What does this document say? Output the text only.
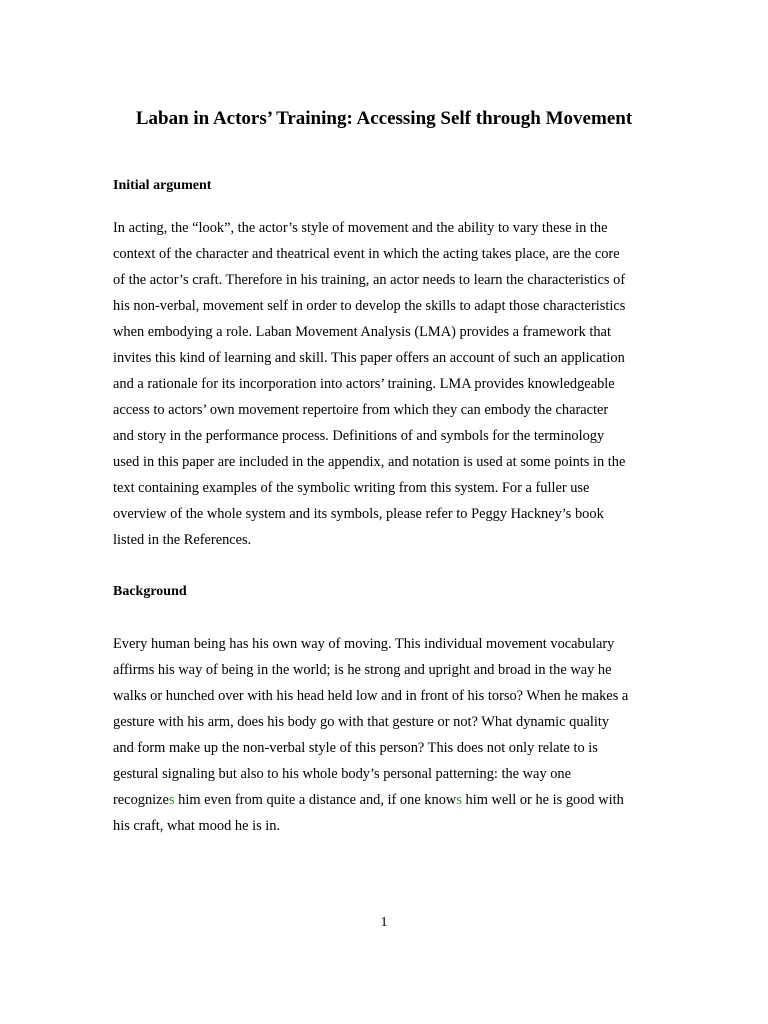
Laban in Actors’ Training: Accessing Self through Movement
Initial argument
In acting, the “look”, the actor’s style of movement and the ability to vary these in the
context of the character and theatrical event in which the acting takes place, are the core
of the actor’s craft. Therefore in his training, an actor needs to learn the characteristics of
his non-verbal, movement self in order to develop the skills to adapt those characteristics
when embodying a role. Laban Movement Analysis (LMA) provides a framework that
invites this kind of learning and skill. This paper offers an account of such an application
and a rationale for its incorporation into actors’ training. LMA provides knowledgeable
access to actors’ own movement repertoire from which they can embody the character
and story in the performance process. Definitions of and symbols for the terminology
used in this paper are included in the appendix, and notation is used at some points in the
text containing examples of the symbolic writing from this system. For a fuller use
overview of the whole system and its symbols, please refer to Peggy Hackney’s book
listed in the References.
Background
Every human being has his own way of moving. This individual movement vocabulary
affirms his way of being in the world; is he strong and upright and broad in the way he
walks or hunched over with his head held low and in front of his torso? When he makes a
gesture with his arm, does his body go with that gesture or not? What dynamic quality
and form make up the non-verbal style of this person? This does not only relate to is
gestural signaling but also to his whole body’s personal patterning: the way one
recognizes him even from quite a distance and, if one knows him well or he is good with
his craft, what mood he is in.
1
